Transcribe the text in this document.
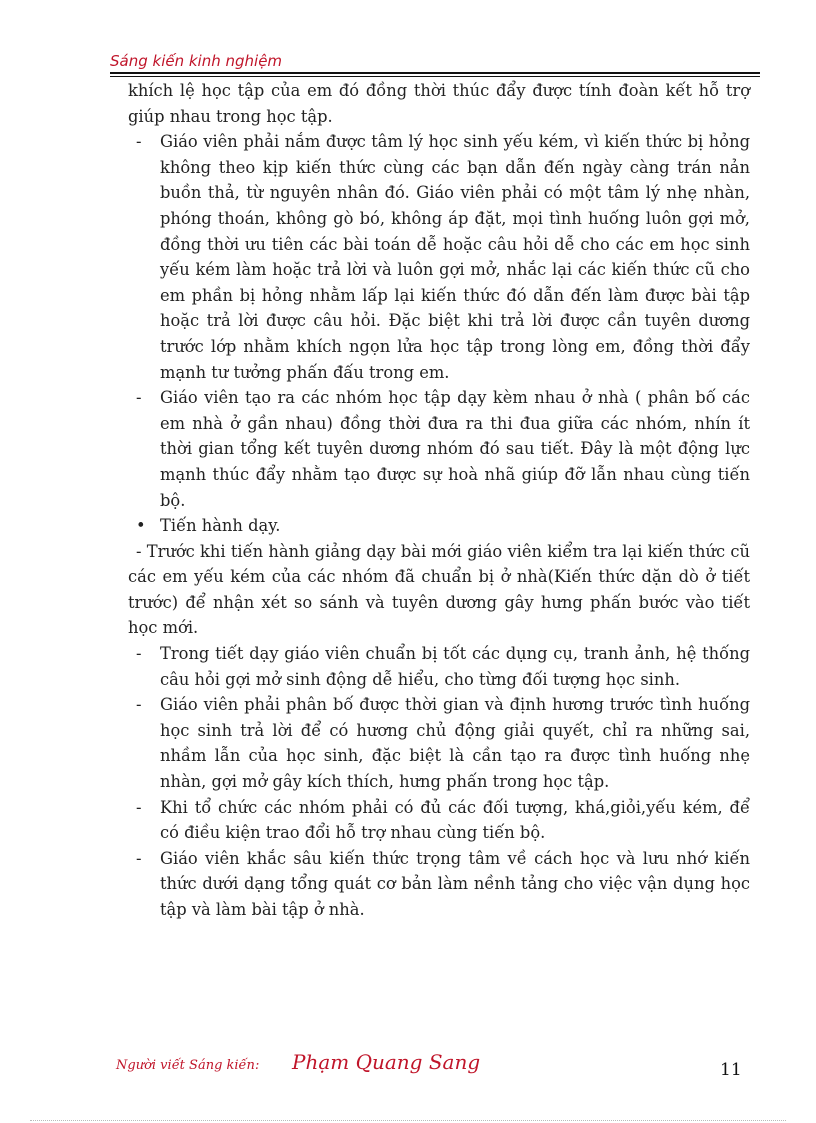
Sáng kiến kinh nghiệm

khích lệ học tập của em đó đồng thời thúc đẩy được tính đoàn kết hỗ trợ giúp nhau trong học tập.

- Giáo viên phải nắm được tâm lý học sinh yếu kém, vì kiến thức bị hỏng không theo kịp kiến thức cùng các bạn dẫn đến ngày càng trán nản buồn thả, từ nguyên nhân đó. Giáo viên phải có một tâm lý nhẹ nhàn, phóng thoán, không gò bó, không áp đặt, mọi tình huống luôn gợi mở, đồng thời ưu tiên các bài toán dễ hoặc câu hỏi dễ cho các em học sinh yếu kém làm hoặc trả lời và luôn gợi mở, nhắc lại các kiến thức cũ cho em phần bị hỏng nhằm lấp lại kiến thức đó dẫn đến làm được bài tập hoặc trả lời được câu hỏi. Đặc biệt khi trả lời được cần tuyên dương trước lớp nhằm khích ngọn lửa học tập trong lòng em, đồng thời đẩy mạnh tư tưởng phấn đấu trong em.

- Giáo viên tạo ra các nhóm học tập dạy kèm nhau ở nhà ( phân bố các em nhà ở gần nhau) đồng thời đưa ra thi đua giữa các nhóm, nhín ít thời gian tổng kết tuyên dương nhóm đó sau tiết. Đây là một động lực mạnh thúc đẩy nhằm tạo được sự hoà nhã giúp đỡ lẫn nhau cùng tiến bộ.

• Tiến hành dạy.

- Trước khi tiến hành giảng dạy bài mới giáo viên kiểm tra lại kiến thức cũ các em yếu kém của các nhóm đã chuẩn bị ở nhà(Kiến thức dặn dò ở tiết trước) để nhận xét so sánh và tuyên dương gây hưng phấn bước vào tiết học mới.

- Trong tiết dạy giáo viên chuẩn bị tốt các dụng cụ, tranh ảnh, hệ thống câu hỏi gợi mở sinh động dễ hiểu, cho từng đối tượng học sinh.

- Giáo viên phải phân bố được thời gian và định hương trước tình huống học sinh trả lời để có hương chủ động giải quyết, chỉ ra những sai, nhầm lẫn của học sinh, đặc biệt là cần tạo ra được tình huống nhẹ nhàn, gợi mở gây kích thích, hưng phấn trong học tập.

- Khi tổ chức các nhóm phải có đủ các đối tượng, khá,giỏi,yếu kém, để có điều kiện trao đổi hỗ trợ nhau cùng tiến bộ.

- Giáo viên khắc sâu kiến thức trọng tâm về cách học và lưu nhớ kiến thức dưới dạng tổng quát cơ bản làm nềnh tảng cho việc vận dụng học tập và làm bài tập ở nhà.

Người viết Sáng kiến: Phạm Quang Sang	11
